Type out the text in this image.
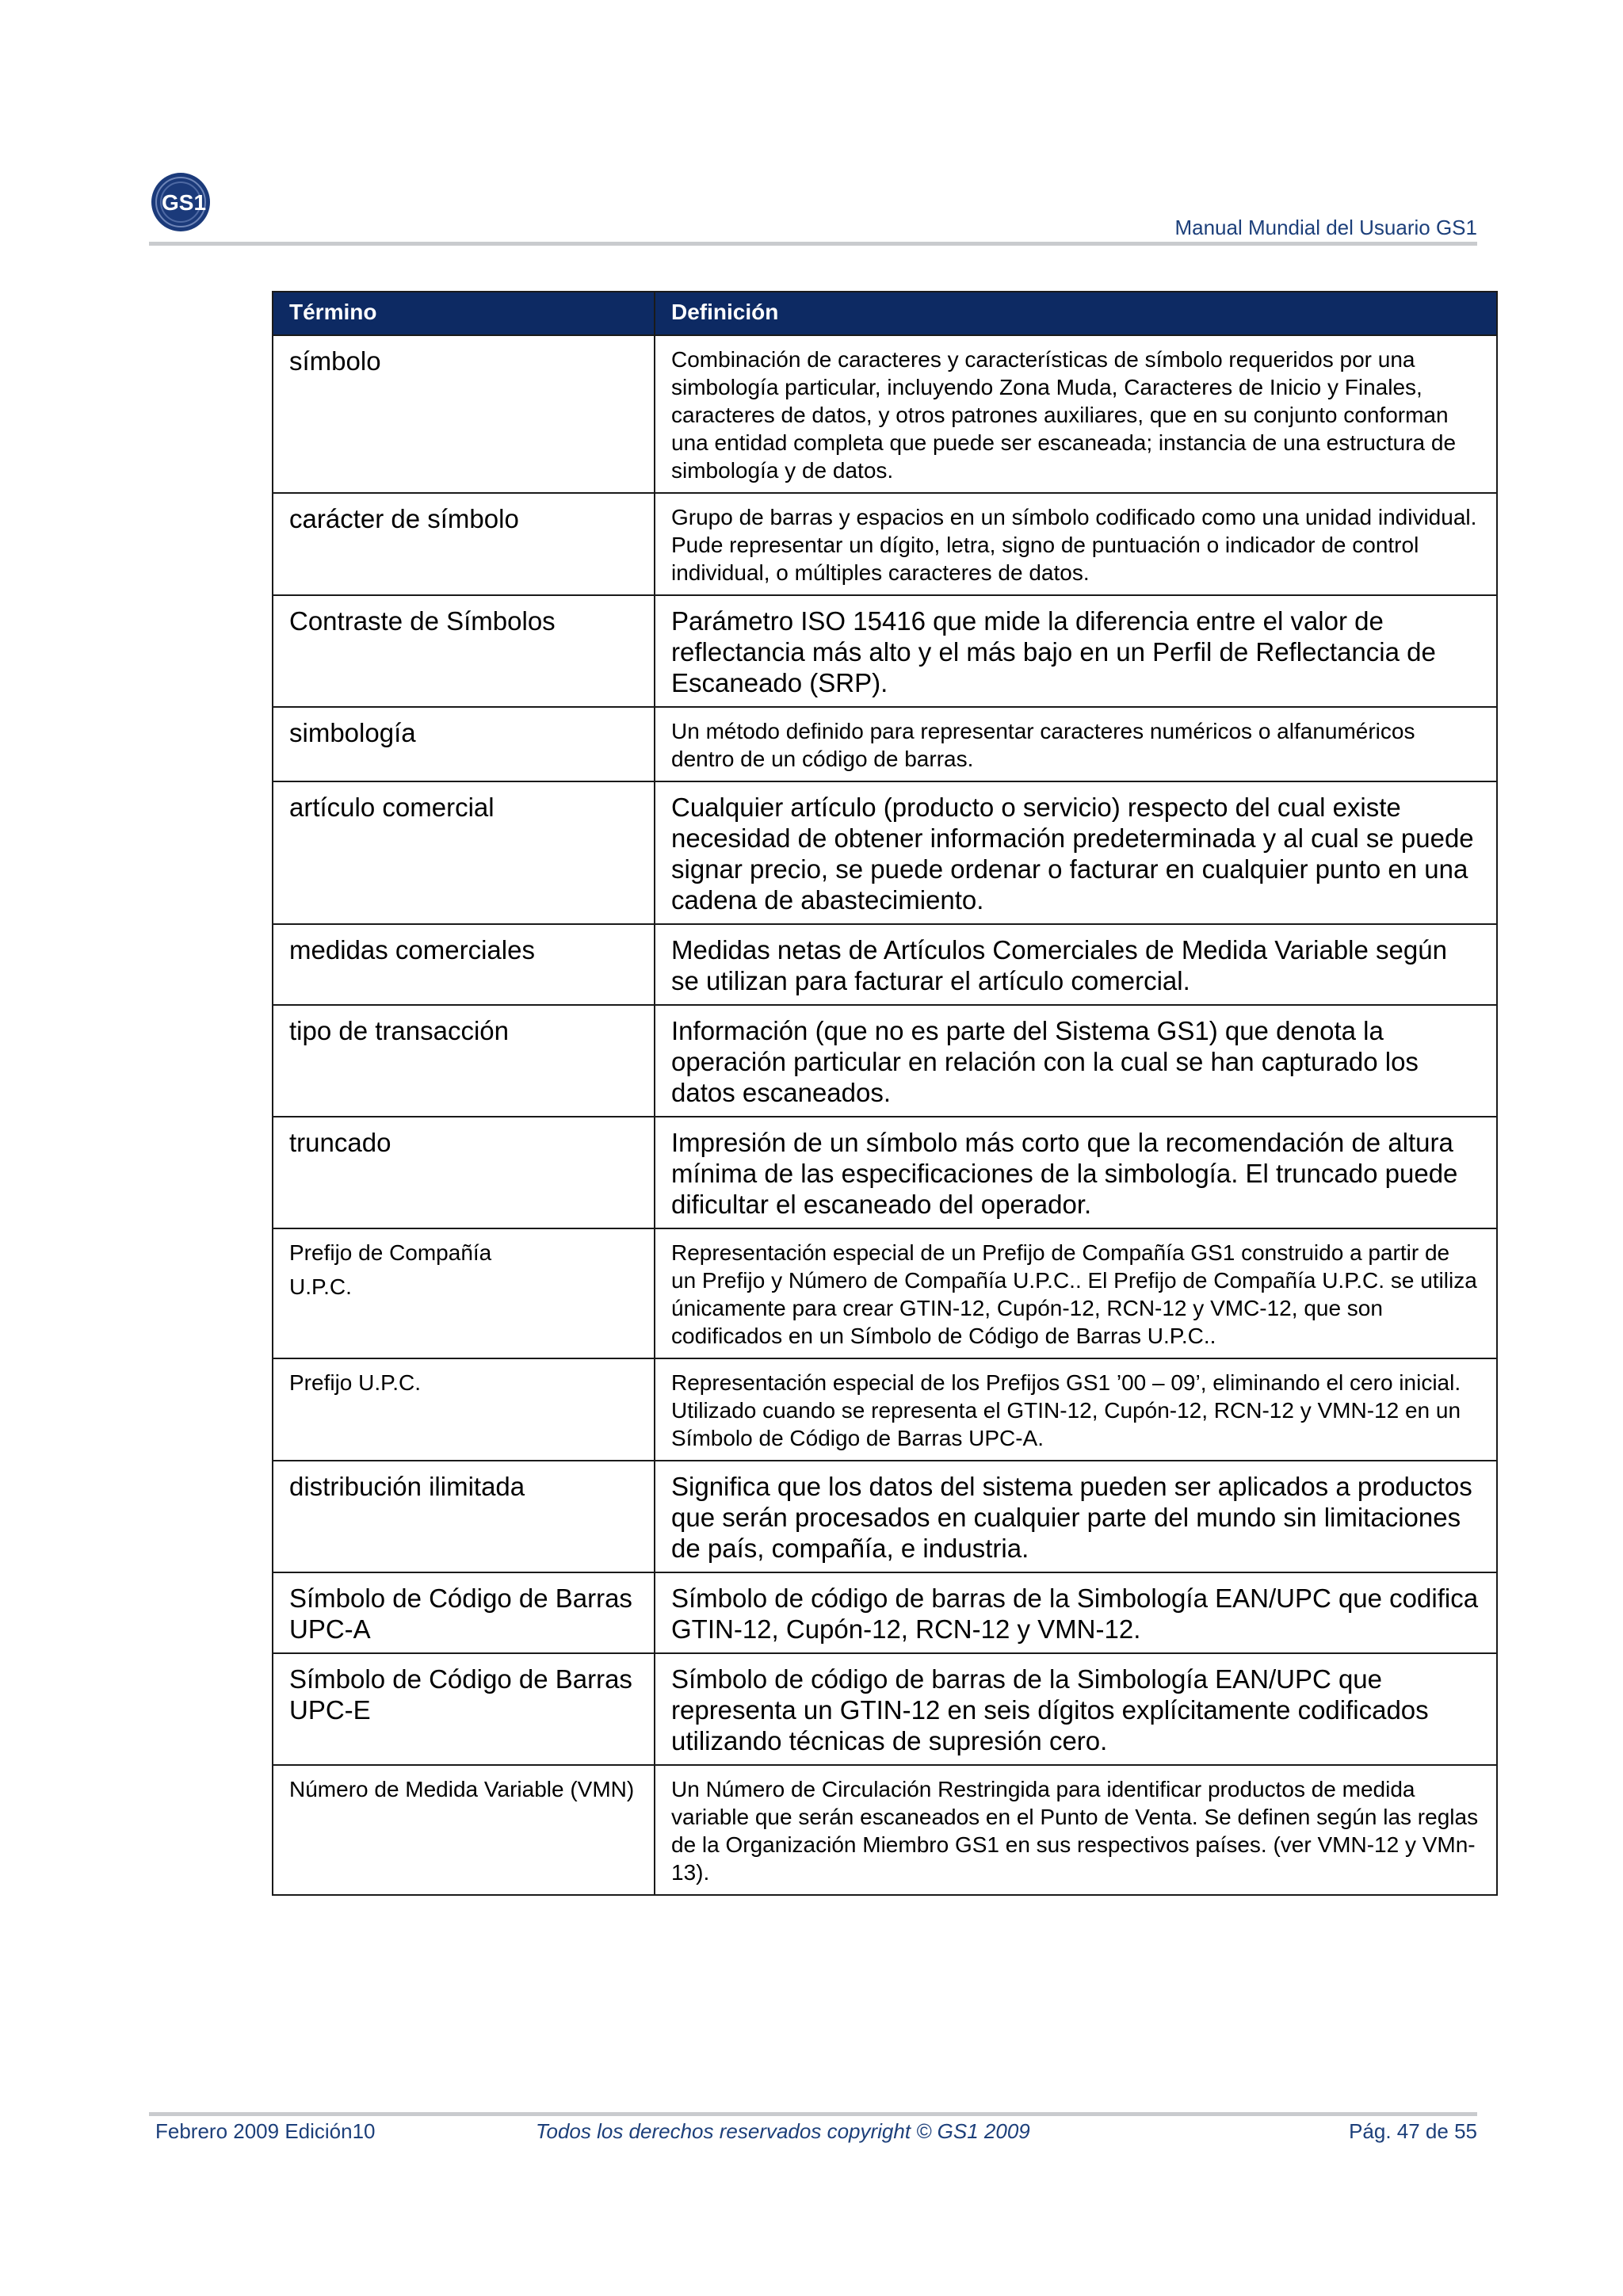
GS1
Manual Mundial del Usuario GS1
Término	Definición

símbolo	Combinación de caracteres y características de símbolo requeridos por una simbología particular, incluyendo Zona Muda, Caracteres de Inicio y Finales, caracteres de datos, y otros patrones auxiliares, que en su conjunto conforman una entidad completa que puede ser escaneada; instancia de una estructura de simbología y de datos.

carácter de símbolo	Grupo de barras y espacios en un símbolo codificado como una unidad individual. Pude representar un dígito, letra, signo de puntuación o indicador de control individual, o múltiples caracteres de datos.

Contraste de Símbolos	Parámetro ISO 15416 que mide la diferencia entre el valor de reflectancia más alto y el más bajo en un Perfil de Reflectancia de Escaneado (SRP).

simbología	Un método definido para representar caracteres numéricos o alfanuméricos dentro de un código de barras.

artículo comercial	Cualquier artículo (producto o servicio) respecto del cual existe necesidad de obtener información predeterminada y al cual se puede signar precio, se puede ordenar o facturar en cualquier punto en una cadena de abastecimiento.

medidas comerciales	Medidas netas de Artículos Comerciales de Medida Variable según se utilizan para facturar el artículo comercial.

tipo de transacción	Información (que no es parte del Sistema GS1) que denota la operación particular en relación con la cual se han capturado los datos escaneados.

truncado	Impresión de un símbolo más corto que la recomendación de altura mínima de las especificaciones de la simbología. El truncado puede dificultar el escaneado del operador.

Prefijo de Compañía
U.P.C.	Representación especial de un Prefijo de Compañía GS1 construido a partir de un Prefijo y Número de Compañía U.P.C.. El Prefijo de Compañía U.P.C. se utiliza únicamente para crear GTIN-12, Cupón-12, RCN-12 y VMC-12, que son codificados en un Símbolo de Código de Barras U.P.C..

Prefijo U.P.C.	Representación especial de los Prefijos GS1 ’00 – 09’, eliminando el cero inicial. Utilizado cuando se representa el GTIN-12, Cupón-12, RCN-12 y VMN-12 en un Símbolo de Código de Barras UPC-A.

distribución ilimitada	Significa que los datos del sistema pueden ser aplicados a productos que serán procesados en cualquier parte del mundo sin limitaciones de país, compañía, e industria.

Símbolo de Código de Barras UPC-A	Símbolo de código de barras de la Simbología EAN/UPC que codifica GTIN-12, Cupón-12, RCN-12 y VMN-12.

Símbolo de Código de Barras UPC-E	Símbolo de código de barras de la Simbología EAN/UPC que representa un GTIN-12 en seis dígitos explícitamente codificados utilizando técnicas de supresión cero.

Número de Medida Variable (VMN)	Un Número de Circulación Restringida para identificar productos de medida variable que serán escaneados en el Punto de Venta. Se definen según las reglas de la Organización Miembro GS1 en sus respectivos países. (ver VMN-12 y VMn-13).
Febrero 2009 Edición10	Todos los derechos reservados copyright © GS1 2009	Pág. 47 de 55
